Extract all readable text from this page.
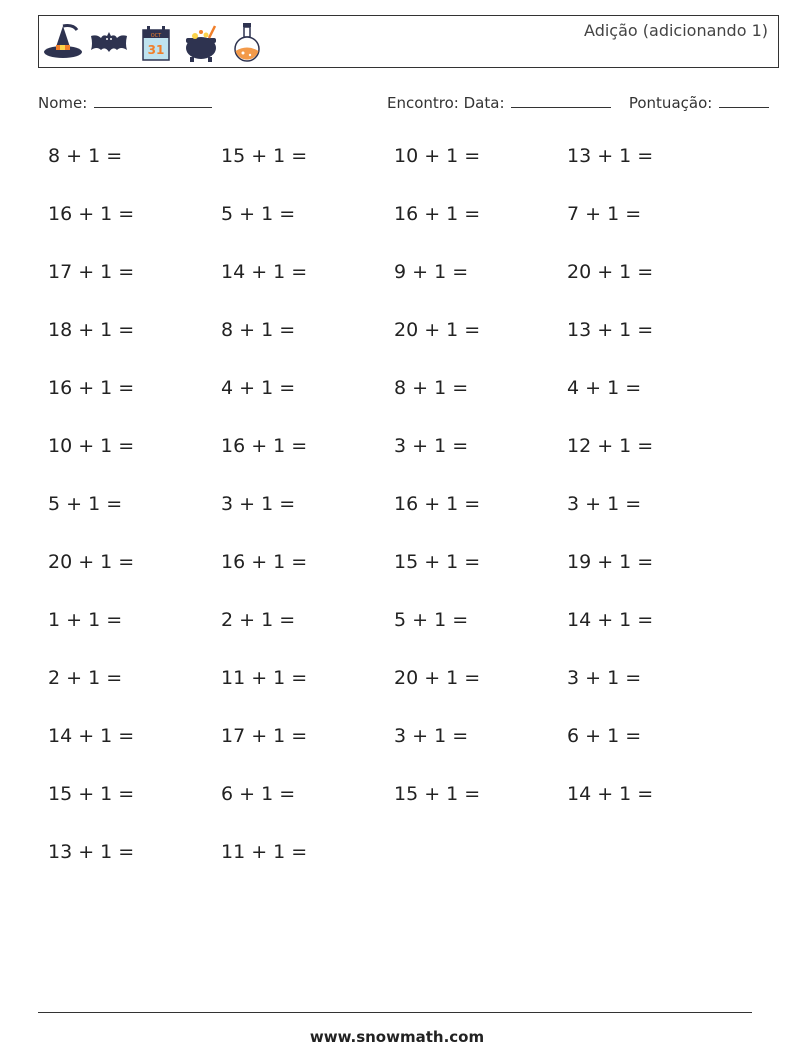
OCT
31
Adição (adicionando 1)
Nome:	Encontro: Data:	Pontuação:
8 + 1 =	15 + 1 =	10 + 1 =	13 + 1 =
16 + 1 =	5 + 1 =	16 + 1 =	7 + 1 =
17 + 1 =	14 + 1 =	9 + 1 =	20 + 1 =
18 + 1 =	8 + 1 =	20 + 1 =	13 + 1 =
16 + 1 =	4 + 1 =	8 + 1 =	4 + 1 =
10 + 1 =	16 + 1 =	3 + 1 =	12 + 1 =
5 + 1 =	3 + 1 =	16 + 1 =	3 + 1 =
20 + 1 =	16 + 1 =	15 + 1 =	19 + 1 =
1 + 1 =	2 + 1 =	5 + 1 =	14 + 1 =
2 + 1 =	11 + 1 =	20 + 1 =	3 + 1 =
14 + 1 =	17 + 1 =	3 + 1 =	6 + 1 =
15 + 1 =	6 + 1 =	15 + 1 =	14 + 1 =
13 + 1 =	11 + 1 =
www.snowmath.com
